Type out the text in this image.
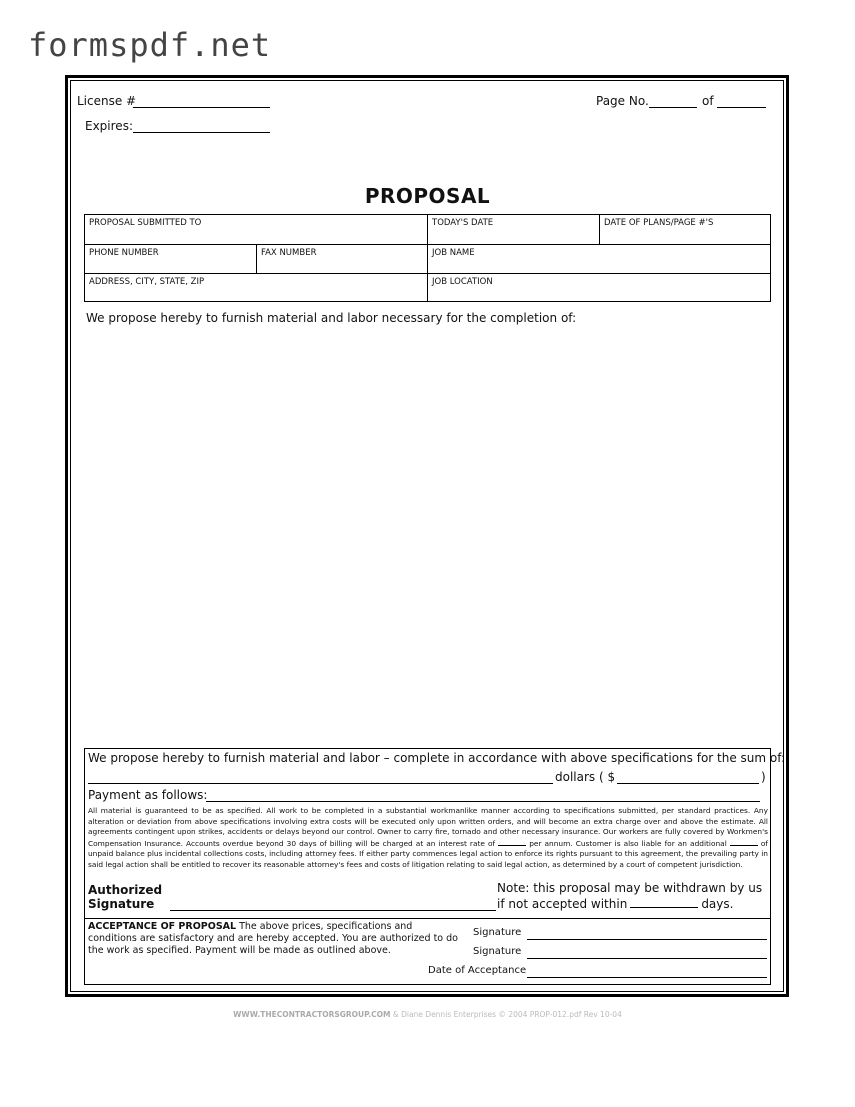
formspdf.net
License #
Expires:
Page No.	of
PROPOSAL
PROPOSAL SUBMITTED TO	TODAY'S DATE	DATE OF PLANS/PAGE #'S
PHONE NUMBER	FAX NUMBER	JOB NAME
ADDRESS, CITY, STATE, ZIP	JOB LOCATION
We propose hereby to furnish material and labor necessary for the completion of:
We propose hereby to furnish material and labor – complete in accordance with above specifications for the sum of:
dollars ( $	)
Payment as follows:
All material is guaranteed to be as specified. All work to be completed in a substantial workmanlike manner according to specifications submitted, per standard practices. Any alteration or deviation from above specifications involving extra costs will be executed only upon written orders, and will become an extra charge over and above the estimate. All agreements contingent upon strikes, accidents or delays beyond our control. Owner to carry fire, tornado and other necessary insurance. Our workers are fully covered by Workmen's Compensation Insurance. Accounts overdue beyond 30 days of billing will be charged at an interest rate of	per annum. Customer is also liable for an additional	of unpaid balance plus incidental collections costs, including attorney fees. If either party commences legal action to enforce its rights pursuant to this agreement, the prevailing party in said legal action shall be entitled to recover its reasonable attorney's fees and costs of litigation relating to said legal action, as determined by a court of competent jurisdiction.
Authorized
Signature
Note: this proposal may be withdrawn by us
if not accepted within	days.
ACCEPTANCE OF PROPOSAL The above prices, specifications and conditions are satisfactory and are hereby accepted. You are authorized to do the work as specified. Payment will be made as outlined above.
Signature
Signature
Date of Acceptance
WWW.THECONTRACTORSGROUP.COM & Diane Dennis Enterprises © 2004 PROP-012.pdf Rev 10-04
